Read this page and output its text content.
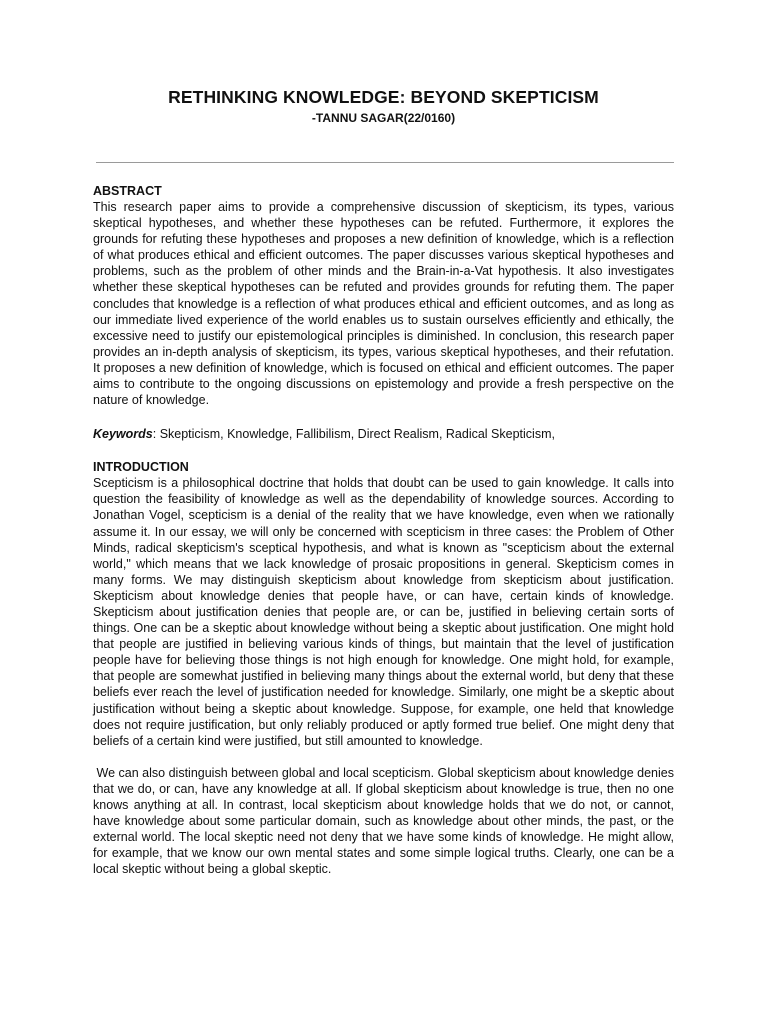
RETHINKING KNOWLEDGE: BEYOND SKEPTICISM

-TANNU SAGAR(22/0160)

ABSTRACT

This research paper aims to provide a comprehensive discussion of skepticism, its types, various skeptical hypotheses, and whether these hypotheses can be refuted. Furthermore, it explores the grounds for refuting these hypotheses and proposes a new definition of knowledge, which is a reflection of what produces ethical and efficient outcomes. The paper discusses various skeptical hypotheses and problems, such as the problem of other minds and the Brain-in-a-Vat hypothesis. It also investigates whether these skeptical hypotheses can be refuted and provides grounds for refuting them. The paper concludes that knowledge is a reflection of what produces ethical and efficient outcomes, and as long as our immediate lived experience of the world enables us to sustain ourselves efficiently and ethically, the excessive need to justify our epistemological principles is diminished. In conclusion, this research paper provides an in-depth analysis of skepticism, its types, various skeptical hypotheses, and their refutation. It proposes a new definition of knowledge, which is focused on ethical and efficient outcomes. The paper aims to contribute to the ongoing discussions on epistemology and provide a fresh perspective on the nature of knowledge.

Keywords: Skepticism, Knowledge, Fallibilism, Direct Realism, Radical Skepticism,

INTRODUCTION

Scepticism is a philosophical doctrine that holds that doubt can be used to gain knowledge. It calls into question the feasibility of knowledge as well as the dependability of knowledge sources. According to Jonathan Vogel, scepticism is a denial of the reality that we have knowledge, even when we rationally assume it. In our essay, we will only be concerned with scepticism in three cases: the Problem of Other Minds, radical skepticism's sceptical hypothesis, and what is known as "scepticism about the external world," which means that we lack knowledge of prosaic propositions in general. Skepticism comes in many forms. We may distinguish skepticism about knowledge from skepticism about justification. Skepticism about knowledge denies that people have, or can have, certain kinds of knowledge. Skepticism about justification denies that people are, or can be, justified in believing certain sorts of things. One can be a skeptic about knowledge without being a skeptic about justification. One might hold that people are justified in believing various kinds of things, but maintain that the level of justification people have for believing those things is not high enough for knowledge. One might hold, for example, that people are somewhat justified in believing many things about the external world, but deny that these beliefs ever reach the level of justification needed for knowledge. Similarly, one might be a skeptic about justification without being a skeptic about knowledge. Suppose, for example, one held that knowledge does not require justification, but only reliably produced or aptly formed true belief. One might deny that beliefs of a certain kind were justified, but still amounted to knowledge.

We can also distinguish between global and local scepticism. Global skepticism about knowledge denies that we do, or can, have any knowledge at all. If global skepticism about knowledge is true, then no one knows anything at all. In contrast, local skepticism about knowledge holds that we do not, or cannot, have knowledge about some particular domain, such as knowledge about other minds, the past, or the external world. The local skeptic need not deny that we have some kinds of knowledge. He might allow, for example, that we know our own mental states and some simple logical truths. Clearly, one can be a local skeptic without being a global skeptic.
